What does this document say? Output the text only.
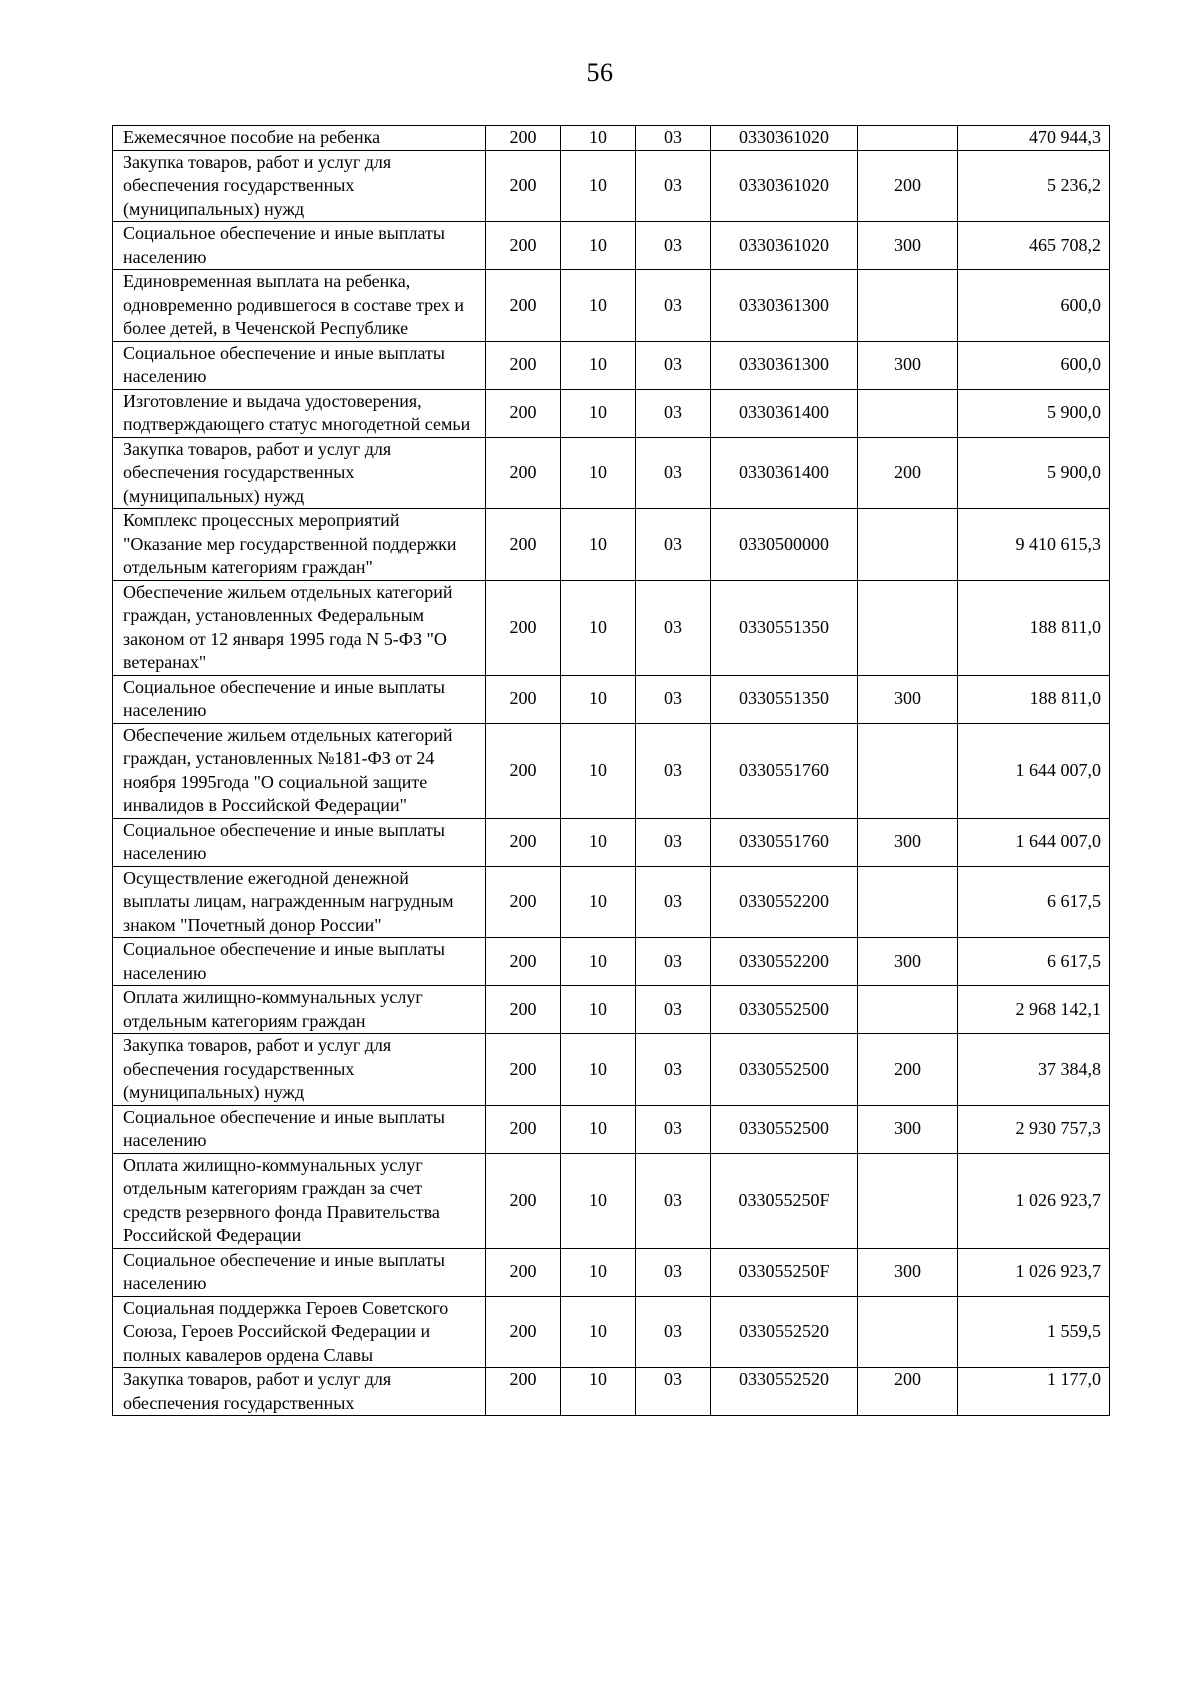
56
Ежемесячное пособие на ребенка	200	10	03	0330361020		470 944,3
Закупка товаров, работ и услуг для обеспечения государственных (муниципальных) нужд	200	10	03	0330361020	200	5 236,2
Социальное обеспечение и иные выплаты населению	200	10	03	0330361020	300	465 708,2
Единовременная выплата на ребенка, одновременно родившегося в составе трех и более детей, в Чеченской Республике	200	10	03	0330361300		600,0
Социальное обеспечение и иные выплаты населению	200	10	03	0330361300	300	600,0
Изготовление и выдача удостоверения, подтверждающего статус многодетной семьи	200	10	03	0330361400		5 900,0
Закупка товаров, работ и услуг для обеспечения государственных (муниципальных) нужд	200	10	03	0330361400	200	5 900,0
Комплекс процессных мероприятий "Оказание мер государственной поддержки отдельным категориям граждан"	200	10	03	0330500000		9 410 615,3
Обеспечение жильем отдельных категорий граждан, установленных Федеральным законом от 12 января 1995 года N 5-ФЗ "О ветеранах"	200	10	03	0330551350		188 811,0
Социальное обеспечение и иные выплаты населению	200	10	03	0330551350	300	188 811,0
Обеспечение жильем отдельных категорий граждан, установленных №181-ФЗ от 24 ноября 1995года "О социальной защите инвалидов в Российской Федерации"	200	10	03	0330551760		1 644 007,0
Социальное обеспечение и иные выплаты населению	200	10	03	0330551760	300	1 644 007,0
Осуществление ежегодной денежной выплаты лицам, награжденным нагрудным знаком "Почетный донор России"	200	10	03	0330552200		6 617,5
Социальное обеспечение и иные выплаты населению	200	10	03	0330552200	300	6 617,5
Оплата жилищно-коммунальных услуг отдельным категориям граждан	200	10	03	0330552500		2 968 142,1
Закупка товаров, работ и услуг для обеспечения государственных (муниципальных) нужд	200	10	03	0330552500	200	37 384,8
Социальное обеспечение и иные выплаты населению	200	10	03	0330552500	300	2 930 757,3
Оплата жилищно-коммунальных услуг отдельным категориям граждан за счет средств резервного фонда Правительства Российской Федерации	200	10	03	033055250F		1 026 923,7
Социальное обеспечение и иные выплаты населению	200	10	03	033055250F	300	1 026 923,7
Социальная поддержка Героев Советского Союза, Героев Российской Федерации и полных кавалеров ордена Славы	200	10	03	0330552520		1 559,5
Закупка товаров, работ и услуг для обеспечения государственных	200	10	03	0330552520	200	1 177,0
